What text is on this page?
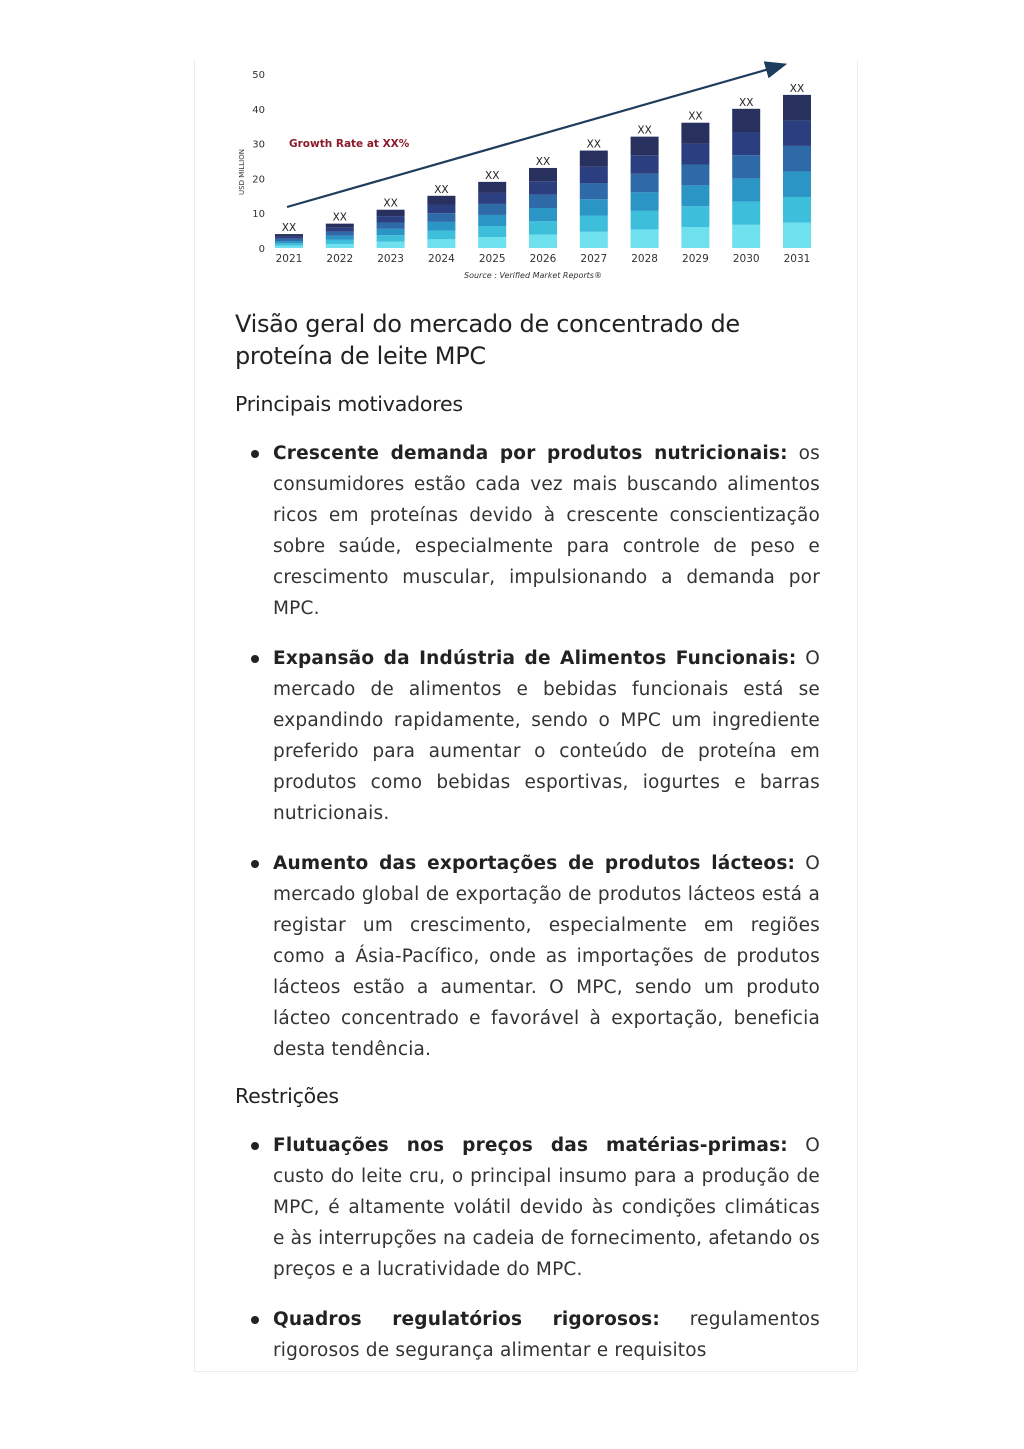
0
10
20
30
40
50
XX
XX
XX
XX
XX
XX
XX
XX
XX
XX
XX
2021 2022 2023 2024 2025 2026 2027 2028 2029 2030 2031
USD MILLION
Growth Rate at XX%
Source : Verified Market Reports®
Visão geral do mercado de concentrado de proteína de leite MPC
Principais motivadores
Crescente demanda por produtos nutricionais: os consumidores estão cada vez mais buscando alimentos ricos em proteínas devido à crescente conscientização sobre saúde, especialmente para controle de peso e crescimento muscular, impulsionando a demanda por MPC.
Expansão da Indústria de Alimentos Funcionais: O mercado de alimentos e bebidas funcionais está se expandindo rapidamente, sendo o MPC um ingrediente preferido para aumentar o conteúdo de proteína em produtos como bebidas esportivas, iogurtes e barras nutricionais.
Aumento das exportações de produtos lácteos: O mercado global de exportação de produtos lácteos está a registar um crescimento, especialmente em regiões como a Ásia-Pacífico, onde as importações de produtos lácteos estão a aumentar. O MPC, sendo um produto lácteo concentrado e favorável à exportação, beneficia desta tendência.
Restrições
Flutuações nos preços das matérias-primas: O custo do leite cru, o principal insumo para a produção de MPC, é altamente volátil devido às condições climáticas e às interrupções na cadeia de fornecimento, afetando os preços e a lucratividade do MPC.
Quadros regulatórios rigorosos: regulamentos rigorosos de segurança alimentar e requisitos
